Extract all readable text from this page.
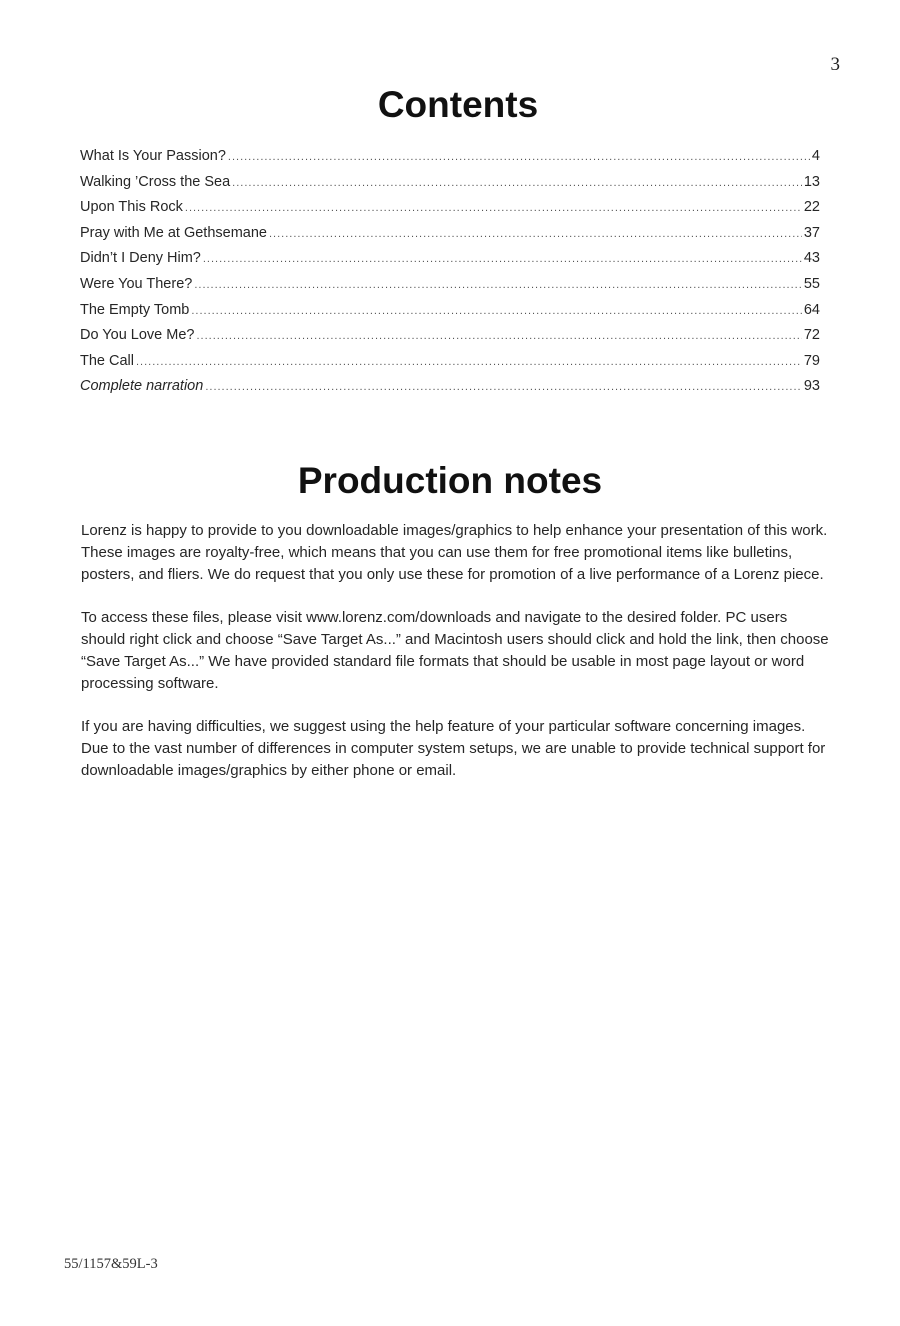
3
Contents
What Is Your Passion? .....	4
Walking ’Cross the Sea .....	13
Upon This Rock .....	22
Pray with Me at Gethsemane .....	37
Didn’t I Deny Him? .....	43
Were You There? .....	55
The Empty Tomb .....	64
Do You Love Me? .....	72
The Call .....	79
Complete narration .....	93
Production notes

Lorenz is happy to provide to you downloadable images/graphics to help enhance your presentation of this work. These images are royalty-free, which means that you can use them for free promotional items like bulletins, posters, and fliers. We do request that you only use these for promotion of a live performance of a Lorenz piece.

To access these files, please visit www.lorenz.com/downloads and navigate to the desired folder. PC users should right click and choose “Save Target As...” and Macintosh users should click and hold the link, then choose “Save Target As...” We have provided standard file formats that should be usable in most page layout or word processing software.

If you are having difficulties, we suggest using the help feature of your particular software concerning images. Due to the vast number of differences in computer system setups, we are unable to provide technical support for downloadable images/graphics by either phone or email.

55/1157&59L-3
